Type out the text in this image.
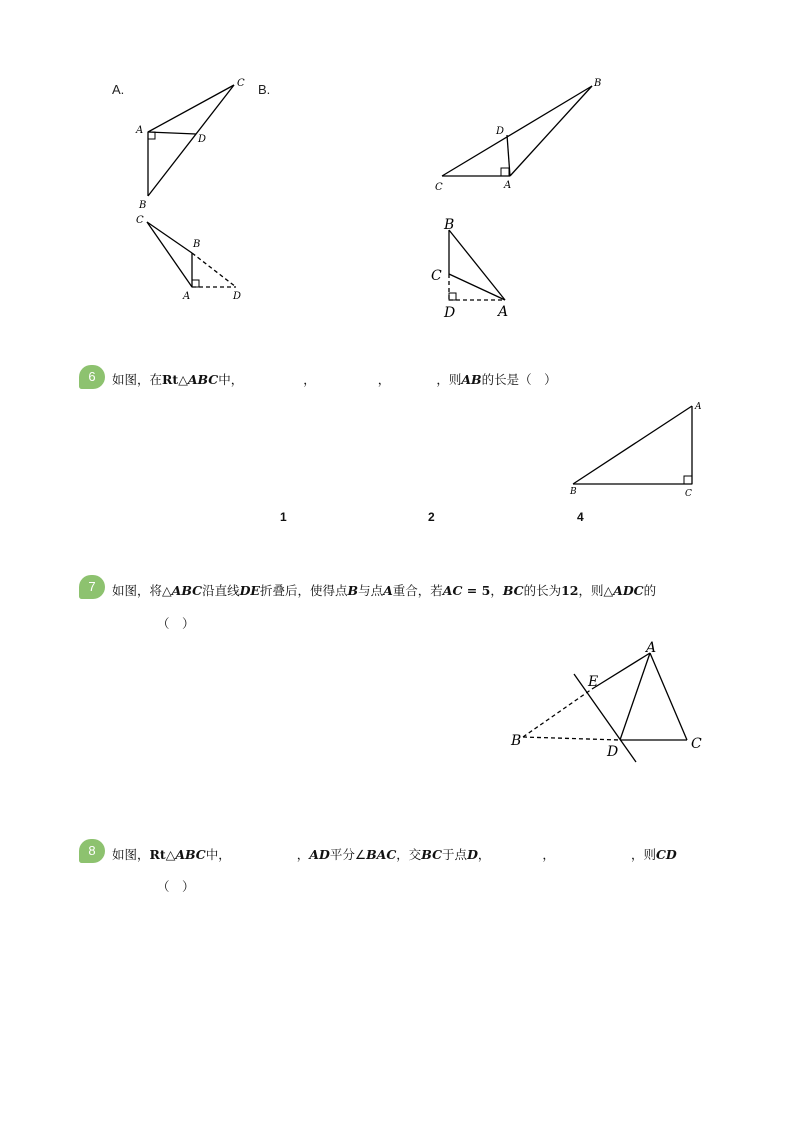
A.	B.
C
A
D
B
B
D
C	A
C
B
A	D
B
C
D	A
6	如图，在Rt△ABC中，	，	，	，则AB的长是（　）
A
B	C
1	2	4
7	如图，将△ABC沿直线DE折叠后，使得点B与点A重合，若AC = 5，BC的长为12，则△ADC的
（　）
A
E
B
D	C
8	如图，Rt△ABC中，	，AD平分∠BAC，交BC于点D，	，	，则CD
（　）
